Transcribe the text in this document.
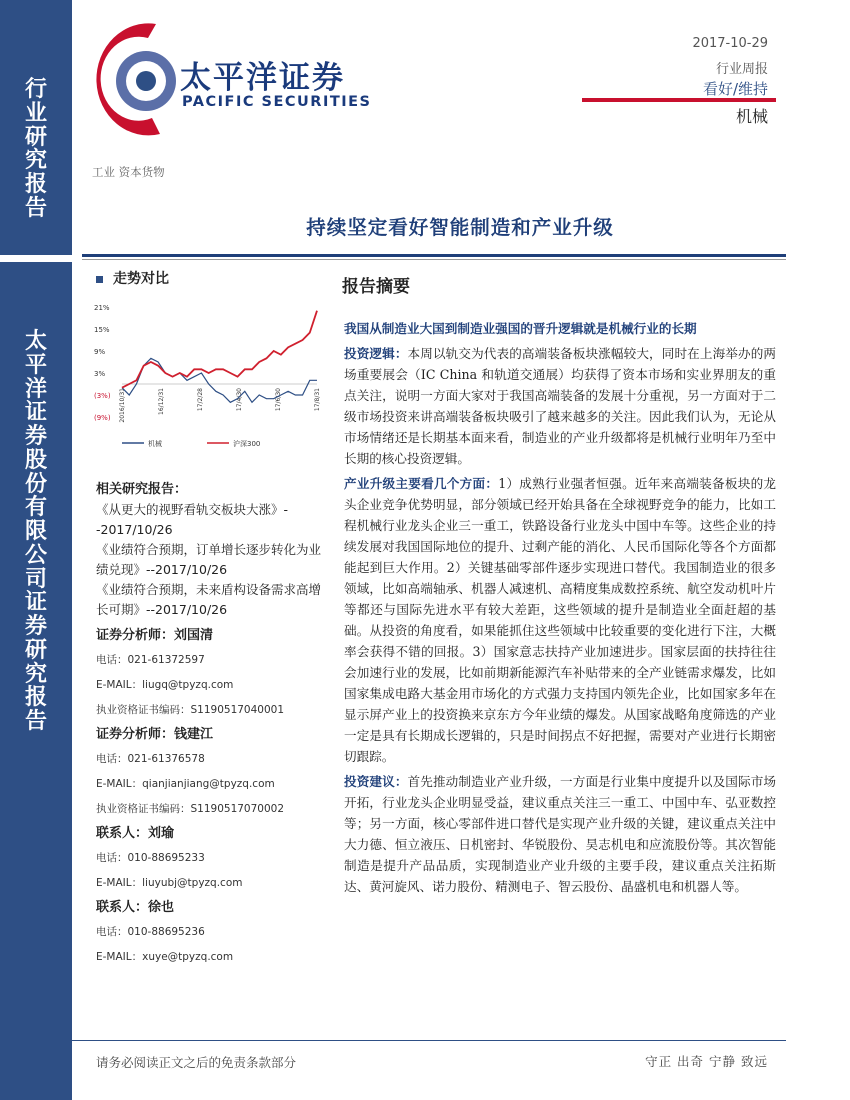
行
业
研
究
报
告
太
平
洋
证
券
股
份
有
限
公
司
证
券
研
究
报
告
太平洋证券
PACIFIC SECURITIES
2017-10-29
行业周报
看好/维持
机械
工业 资本货物
持续坚定看好智能制造和产业升级
走势对比
21%
15%
9%
3%
(3%)
(9%) 2016/10/31	16/12/31	17/2/28	17/4/30	17/6/30	17/8/31
机械	沪深300
相关研究报告：
《从更大的视野看轨交板块大涨》--2017/10/26
《业绩符合预期，订单增长逐步转化为业绩兑现》--2017/10/26
《业绩符合预期，未来盾构设备需求高增长可期》--2017/10/26
证券分析师：刘国清
电话：021-61372597
E-MAIL：liugq@tpyzq.com
执业资格证书编码：S1190517040001
证券分析师：钱建江
电话：021-61376578
E-MAIL：qianjianjiang@tpyzq.com
执业资格证书编码：S1190517070002
联系人：刘瑜
电话：010-88695233
E-MAIL：liuyubj@tpyzq.com
联系人：徐也
电话：010-88695236
E-MAIL：xuye@tpyzq.com
报告摘要

我国从制造业大国到制造业强国的晋升逻辑就是机械行业的长期

投资逻辑：本周以轨交为代表的高端装备板块涨幅较大，同时在上海举办的两场重要展会（IC China 和轨道交通展）均获得了资本市场和实业界朋友的重点关注，说明一方面大家对于我国高端装备的发展十分重视，另一方面对于二级市场投资来讲高端装备板块吸引了越来越多的关注。因此我们认为，无论从市场情绪还是长期基本面来看，制造业的产业升级都将是机械行业明年乃至中长期的核心投资逻辑。

产业升级主要看几个方面：1）成熟行业强者恒强。近年来高端装备板块的龙头企业竞争优势明显，部分领域已经开始具备在全球视野竞争的能力，比如工程机械行业龙头企业三一重工，铁路设备行业龙头中国中车等。这些企业的持续发展对我国国际地位的提升、过剩产能的消化、人民币国际化等各个方面都能起到巨大作用。2）关键基础零部件逐步实现进口替代。我国制造业的很多领域，比如高端轴承、机器人减速机、高精度集成数控系统、航空发动机叶片等都还与国际先进水平有较大差距，这些领域的提升是制造业全面赶超的基础。从投资的角度看，如果能抓住这些领域中比较重要的变化进行下注，大概率会获得不错的回报。3）国家意志扶持产业加速进步。国家层面的扶持往往会加速行业的发展，比如前期新能源汽车补贴带来的全产业链需求爆发，比如国家集成电路大基金用市场化的方式强力支持国内领先企业，比如国家多年在显示屏产业上的投资换来京东方今年业绩的爆发。从国家战略角度筛选的产业一定是具有长期成长逻辑的，只是时间拐点不好把握，需要对产业进行长期密切跟踪。

投资建议：首先推动制造业产业升级，一方面是行业集中度提升以及国际市场开拓，行业龙头企业明显受益，建议重点关注三一重工、中国中车、弘亚数控等；另一方面，核心零部件进口替代是实现产业升级的关键，建议重点关注中大力德、恒立液压、日机密封、华锐股份、昊志机电和应流股份等。其次智能制造是提升产品品质，实现制造业产业升级的主要手段，建议重点关注拓斯达、黄河旋风、诺力股份、精测电子、智云股份、晶盛机电和机器人等。

请务必阅读正文之后的免责条款部分	守正 出奇 宁静 致远
